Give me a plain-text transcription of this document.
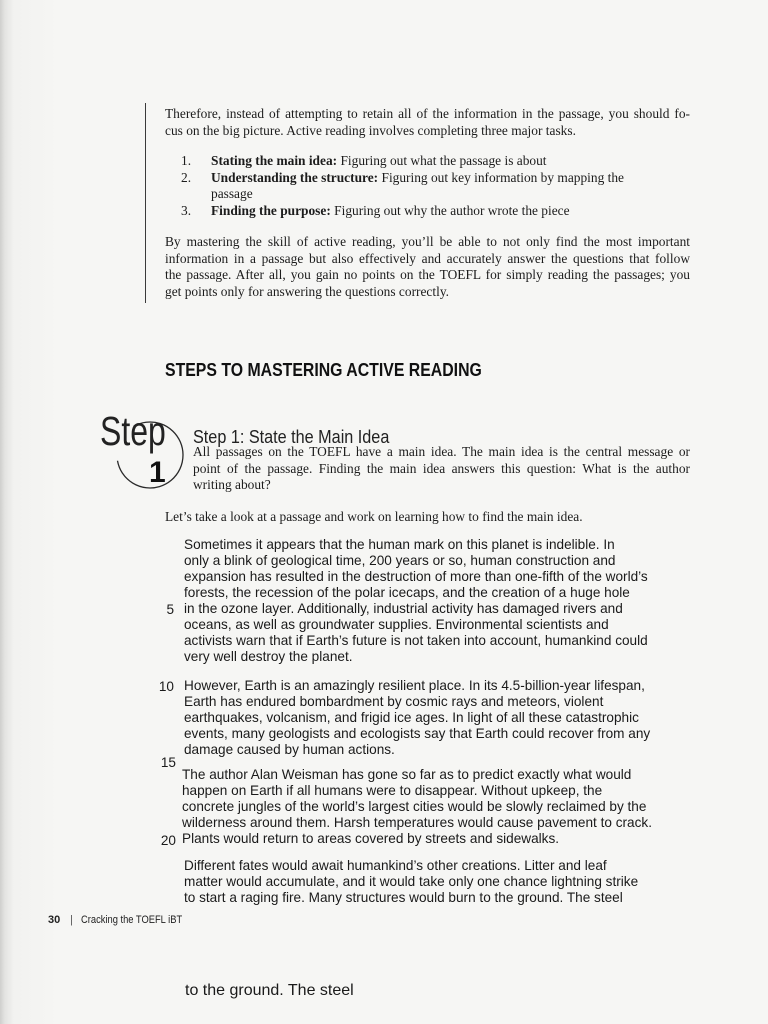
Therefore, instead of attempting to retain all of the information in the passage, you should fo-
cus on the big picture. Active reading involves completing three major tasks.
1. Stating the main idea: Figuring out what the passage is about
2. Understanding the structure: Figuring out key information by mapping the
passage
3. Finding the purpose: Figuring out why the author wrote the piece
By mastering the skill of active reading, you’ll be able to not only find the most important
information in a passage but also effectively and accurately answer the questions that follow
the passage. After all, you gain no points on the TOEFL for simply reading the passages; you
get points only for answering the questions correctly.
STEPS TO MASTERING ACTIVE READING
Step
1
Step 1: State the Main Idea
All passages on the TOEFL have a main idea. The main idea is the central message or
point of the passage. Finding the main idea answers this question: What is the author
writing about?
Let’s take a look at a passage and work on learning how to find the main idea.
Sometimes it appears that the human mark on this planet is indelible. In
only a blink of geological time, 200 years or so, human construction and
expansion has resulted in the destruction of more than one-fifth of the world’s
forests, the recession of the polar icecaps, and the creation of a huge hole
in the ozone layer. Additionally, industrial activity has damaged rivers and
oceans, as well as groundwater supplies. Environmental scientists and
activists warn that if Earth’s future is not taken into account, humankind could
very well destroy the planet.
However, Earth is an amazingly resilient place. In its 4.5-billion-year lifespan,
Earth has endured bombardment by cosmic rays and meteors, violent
earthquakes, volcanism, and frigid ice ages. In light of all these catastrophic
events, many geologists and ecologists say that Earth could recover from any
damage caused by human actions.
The author Alan Weisman has gone so far as to predict exactly what would
happen on Earth if all humans were to disappear. Without upkeep, the
concrete jungles of the world’s largest cities would be slowly reclaimed by the
wilderness around them. Harsh temperatures would cause pavement to crack.
Plants would return to areas covered by streets and sidewalks.
Different fates would await humankind’s other creations. Litter and leaf
matter would accumulate, and it would take only one chance lightning strike
to start a raging fire. Many structures would burn to the ground. The steel
5
10
15
20
30 | Cracking the TOEFL iBT
to the ground. The steel
